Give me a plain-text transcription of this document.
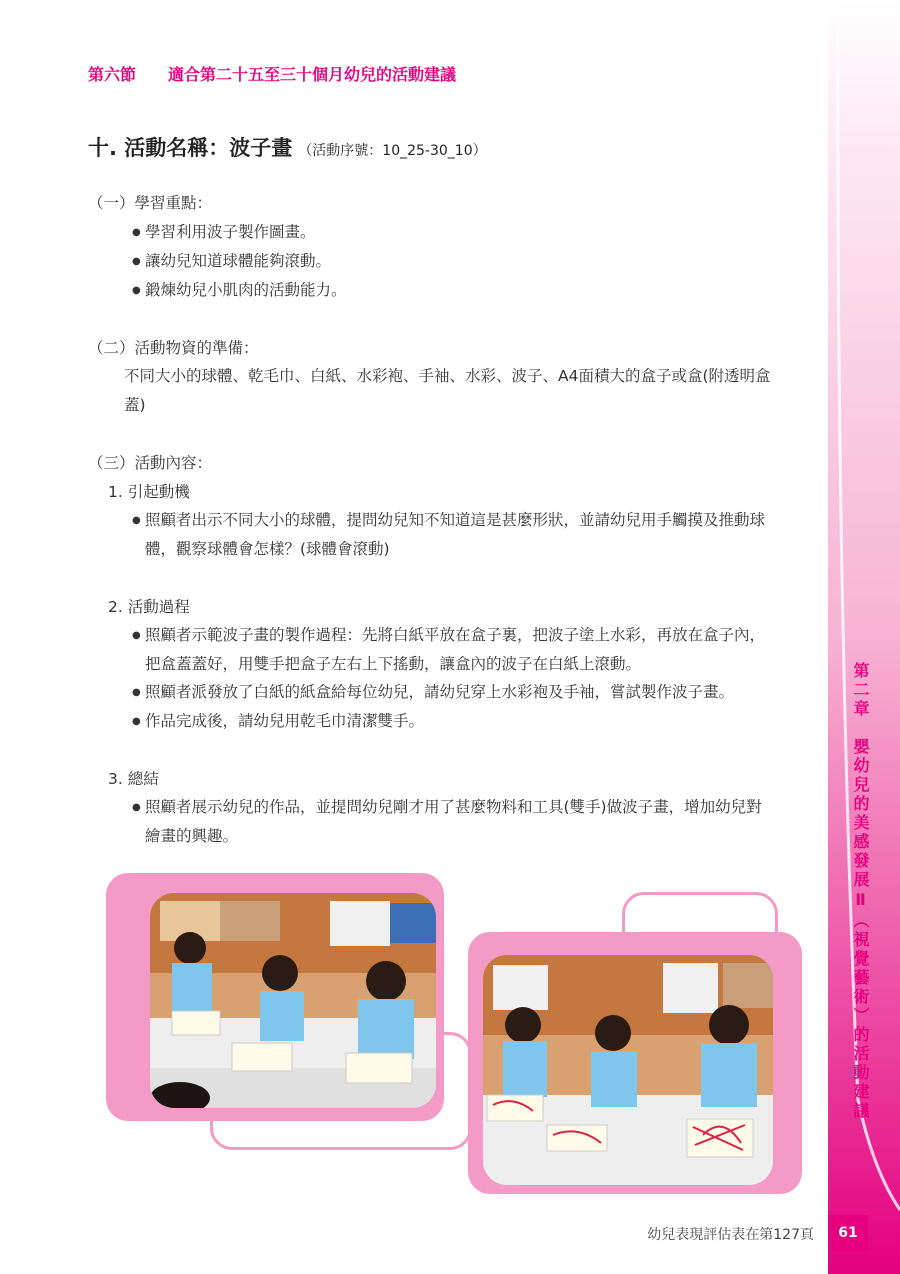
第二章　嬰幼兒的美感發展Ⅱ（視覺藝術）的活動建議
第六節 適合第二十五至三十個月幼兒的活動建議
十. 活動名稱：波子畫 （活動序號：10_25-30_10）
（一）學習重點：
● 學習利用波子製作圖畫。
● 讓幼兒知道球體能夠滾動。
● 鍛煉幼兒小肌肉的活動能力。
（二）活動物資的準備：
不同大小的球體、乾毛巾、白紙、水彩袍、手袖、水彩、波子、A4面積大的盒子或盒(附透明盒
蓋)
（三）活動內容：
1. 引起動機
● 照顧者出示不同大小的球體，提問幼兒知不知道這是甚麼形狀，並請幼兒用手觸摸及推動球
體，觀察球體會怎樣？(球體會滾動)
2. 活動過程
● 照顧者示範波子畫的製作過程：先將白紙平放在盒子裏，把波子塗上水彩，再放在盒子內，
把盒蓋蓋好，用雙手把盒子左右上下搖動，讓盒內的波子在白紙上滾動。
● 照顧者派發放了白紙的紙盒給每位幼兒，請幼兒穿上水彩袍及手袖，嘗試製作波子畫。
● 作品完成後，請幼兒用乾毛巾清潔雙手。
3. 總結
● 照顧者展示幼兒的作品，並提問幼兒剛才用了甚麼物料和工具(雙手)做波子畫，增加幼兒對
繪畫的興趣。
幼兒表現評估表在第127頁	61
